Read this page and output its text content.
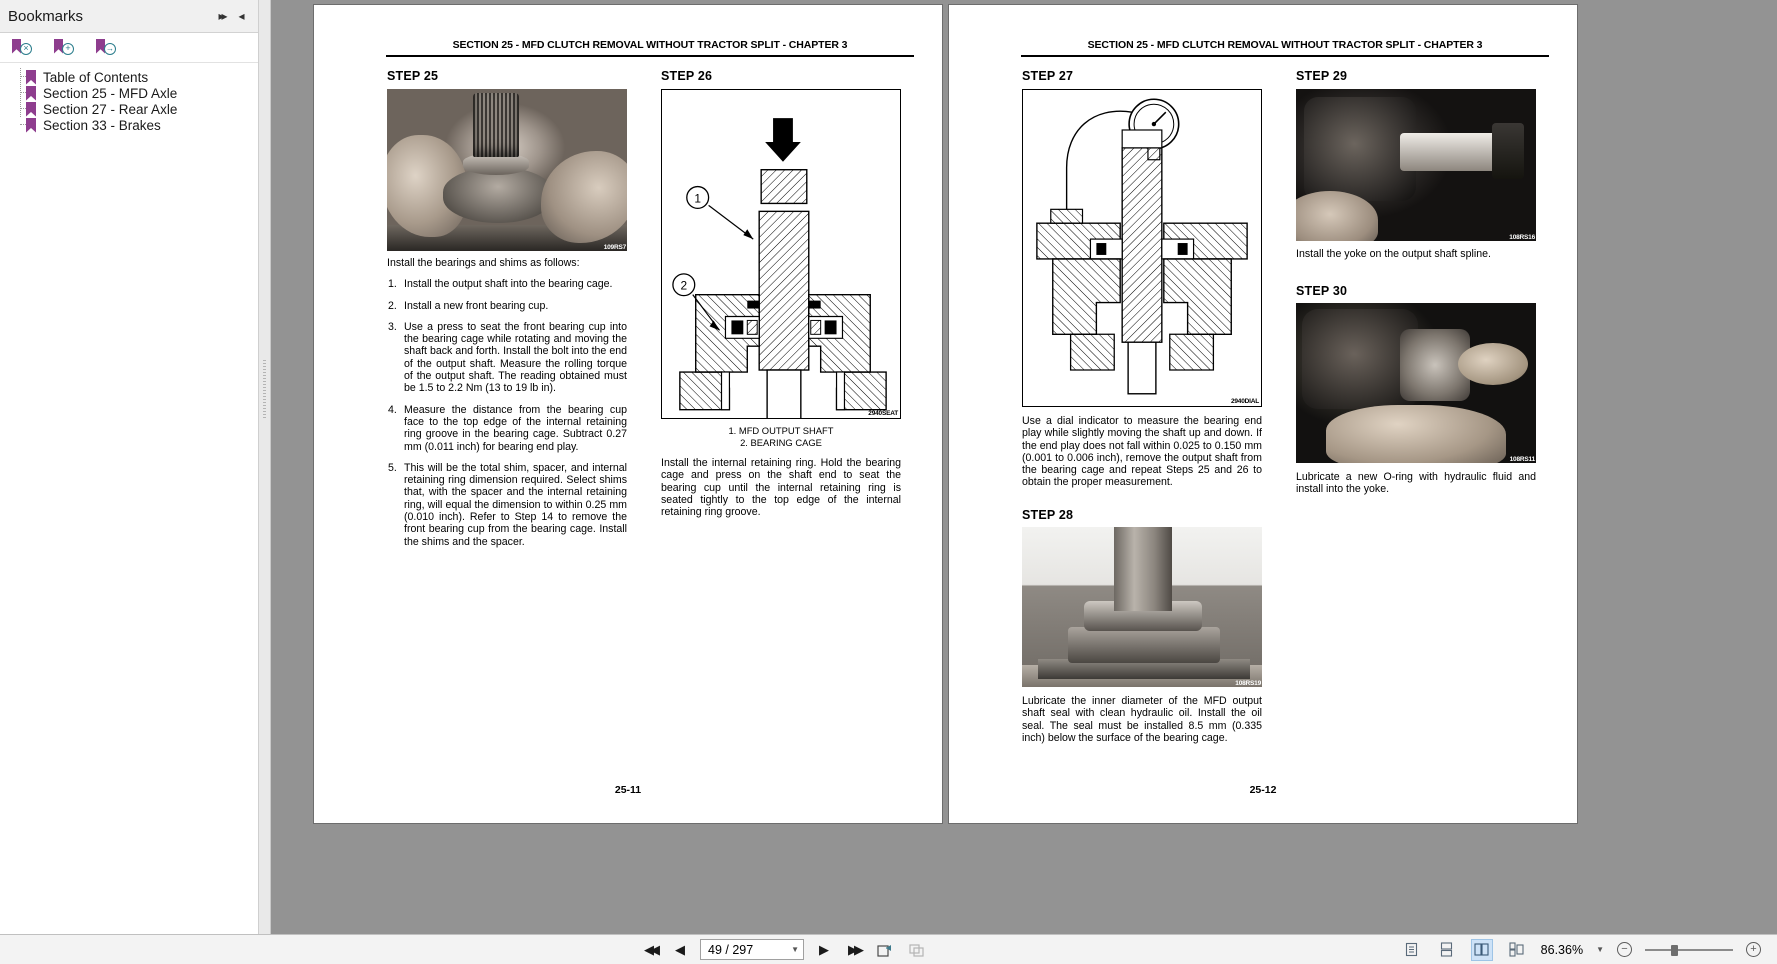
Bookmarks	▸▸	◂
×	+	→
Table of Contents
Section 25 - MFD Axle
Section 27 - Rear Axle
Section 33 - Brakes
SECTION 25 - MFD CLUTCH REMOVAL WITHOUT TRACTOR SPLIT - CHAPTER 3
STEP 25
109RS7
Install the bearings and shims as follows:
1. Install the output shaft into the bearing cage.
2. Install a new front bearing cup.
3. Use a press to seat the front bearing cup into the bearing cage while rotating and moving the shaft back and forth. Install the bolt into the end of the output shaft. Measure the rolling torque of the output shaft. The reading obtained must be 1.5 to 2.2 Nm (13 to 19 lb in).
4. Measure the distance from the bearing cup face to the top edge of the internal retaining ring groove in the bearing cage. Subtract 0.27 mm (0.011 inch) for bearing end play.
5. This will be the total shim, spacer, and internal retaining ring dimension required. Select shims that, with the spacer and the internal retaining ring, will equal the dimension to within 0.25 mm (0.010 inch). Refer to Step 14 to remove the front bearing cup from the bearing cage. Install the shims and the spacer.
STEP 26
1
2
2940SEAT
1. MFD OUTPUT SHAFT
2. BEARING CAGE
Install the internal retaining ring. Hold the bearing cage and press on the shaft end to seat the bearing cup until the internal retaining ring is seated tightly to the top edge of the internal retaining ring groove.
25-11
SECTION 25 - MFD CLUTCH REMOVAL WITHOUT TRACTOR SPLIT - CHAPTER 3
STEP 27
2940DIAL
Use a dial indicator to measure the bearing end play while slightly moving the shaft up and down. If the end play does not fall within 0.025 to 0.150 mm (0.001 to 0.006 inch), remove the output shaft from the bearing cage and repeat Steps 25 and 26 to obtain the proper measurement.
STEP 28
108RS19
Lubricate the inner diameter of the MFD output shaft seal with clean hydraulic oil. Install the oil seal. The seal must be installed 8.5 mm (0.335 inch) below the surface of the bearing cage.
STEP 29
108RS16
Install the yoke on the output shaft spline.
STEP 30
108RS11
Lubricate a new O-ring with hydraulic fluid and install into the yoke.
25-12
◀◀	◀	49 / 297	▼	▶	▶▶	86.36% ▼	−	+
